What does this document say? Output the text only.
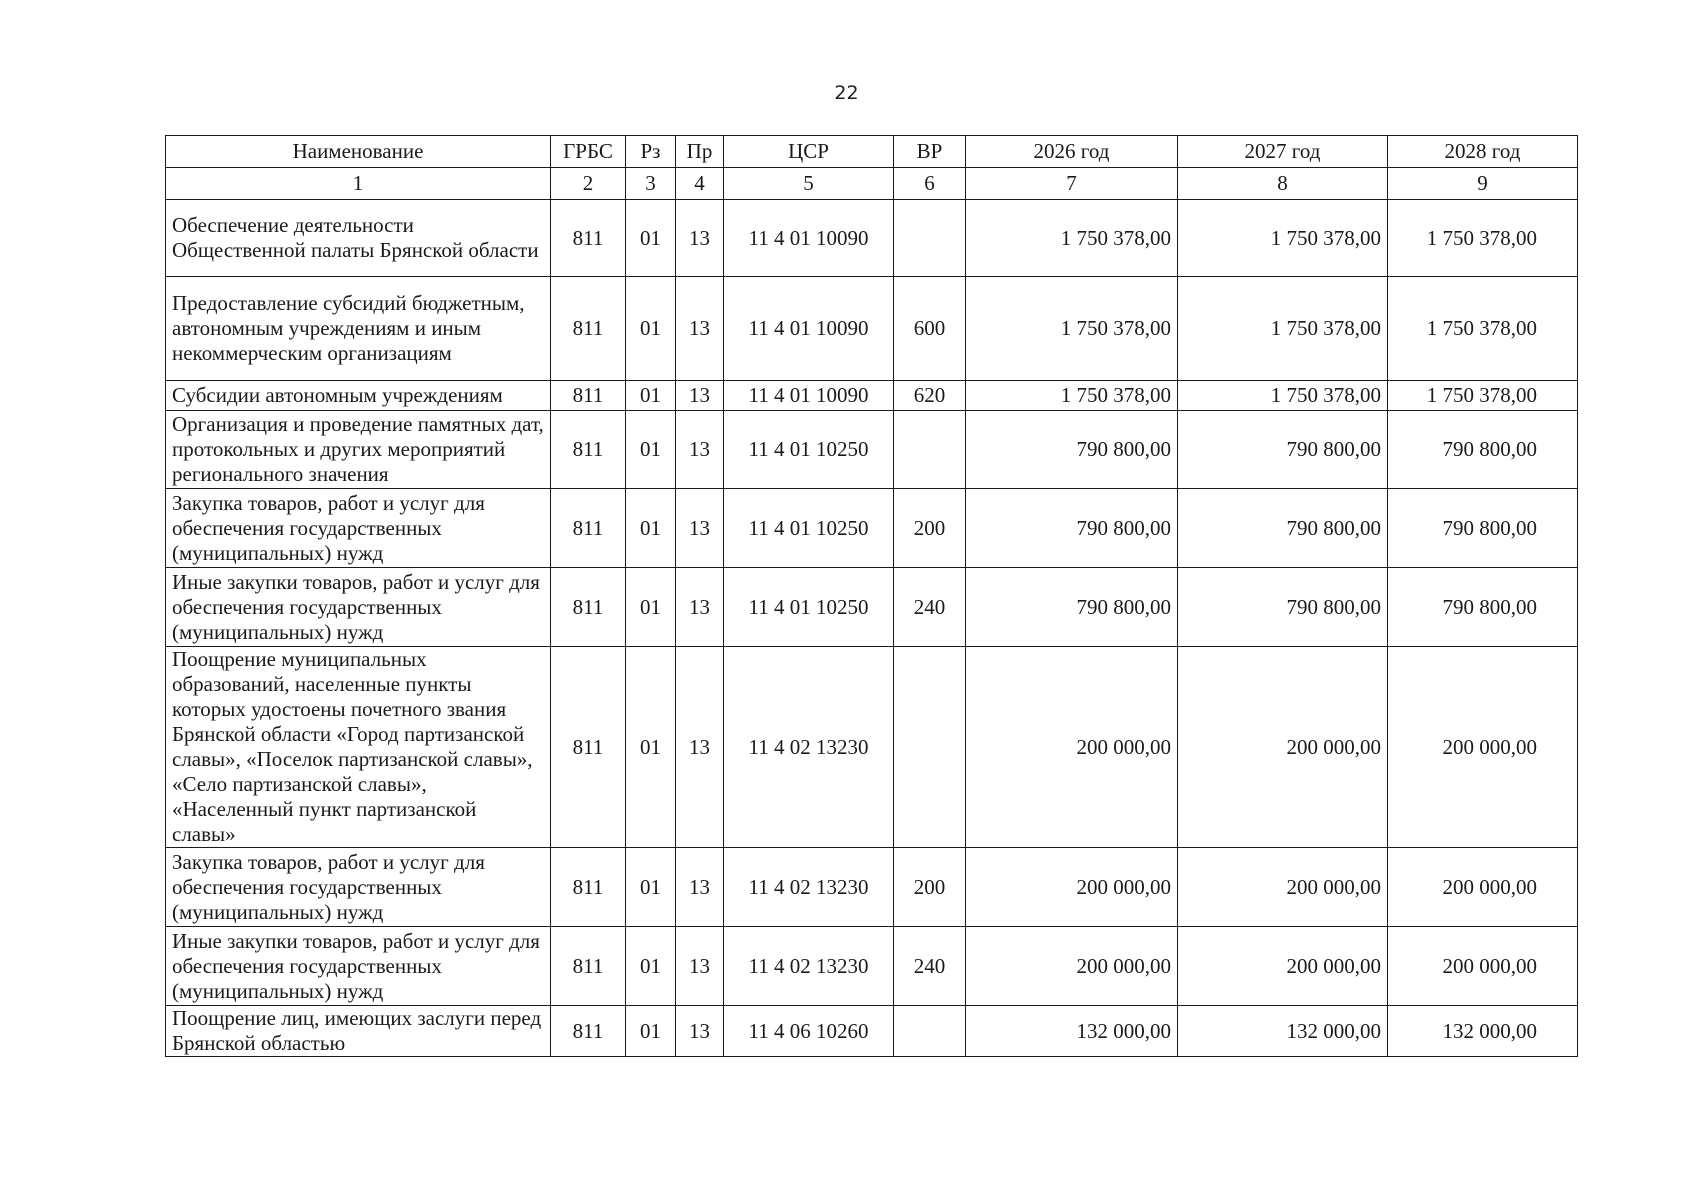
22
Наименование	ГРБС	Рз	Пр	ЦСР	ВР	2026 год	2027 год	2028 год
1	2	3	4	5	6	7	8	9
Обеспечение деятельности Общественной палаты Брянской области	811	01	13	11 4 01 10090		1 750 378,00	1 750 378,00	1 750 378,00
Предоставление субсидий бюджетным, автономным учреждениям и иным некоммерческим организациям	811	01	13	11 4 01 10090	600	1 750 378,00	1 750 378,00	1 750 378,00
Субсидии автономным учреждениям	811	01	13	11 4 01 10090	620	1 750 378,00	1 750 378,00	1 750 378,00
Организация и проведение памятных дат, протокольных и других мероприятий регионального значения	811	01	13	11 4 01 10250		790 800,00	790 800,00	790 800,00
Закупка товаров, работ и услуг для обеспечения государственных (муниципальных) нужд	811	01	13	11 4 01 10250	200	790 800,00	790 800,00	790 800,00
Иные закупки товаров, работ и услуг для обеспечения государственных (муниципальных) нужд	811	01	13	11 4 01 10250	240	790 800,00	790 800,00	790 800,00
Поощрение муниципальных образований, населенные пункты которых удостоены почетного звания Брянской области «Город партизанской славы», «Поселок партизанской славы», «Село партизанской славы», «Населенный пункт партизанской славы»	811	01	13	11 4 02 13230		200 000,00	200 000,00	200 000,00
Закупка товаров, работ и услуг для обеспечения государственных (муниципальных) нужд	811	01	13	11 4 02 13230	200	200 000,00	200 000,00	200 000,00
Иные закупки товаров, работ и услуг для обеспечения государственных (муниципальных) нужд	811	01	13	11 4 02 13230	240	200 000,00	200 000,00	200 000,00
Поощрение лиц, имеющих заслуги перед Брянской областью	811	01	13	11 4 06 10260		132 000,00	132 000,00	132 000,00
